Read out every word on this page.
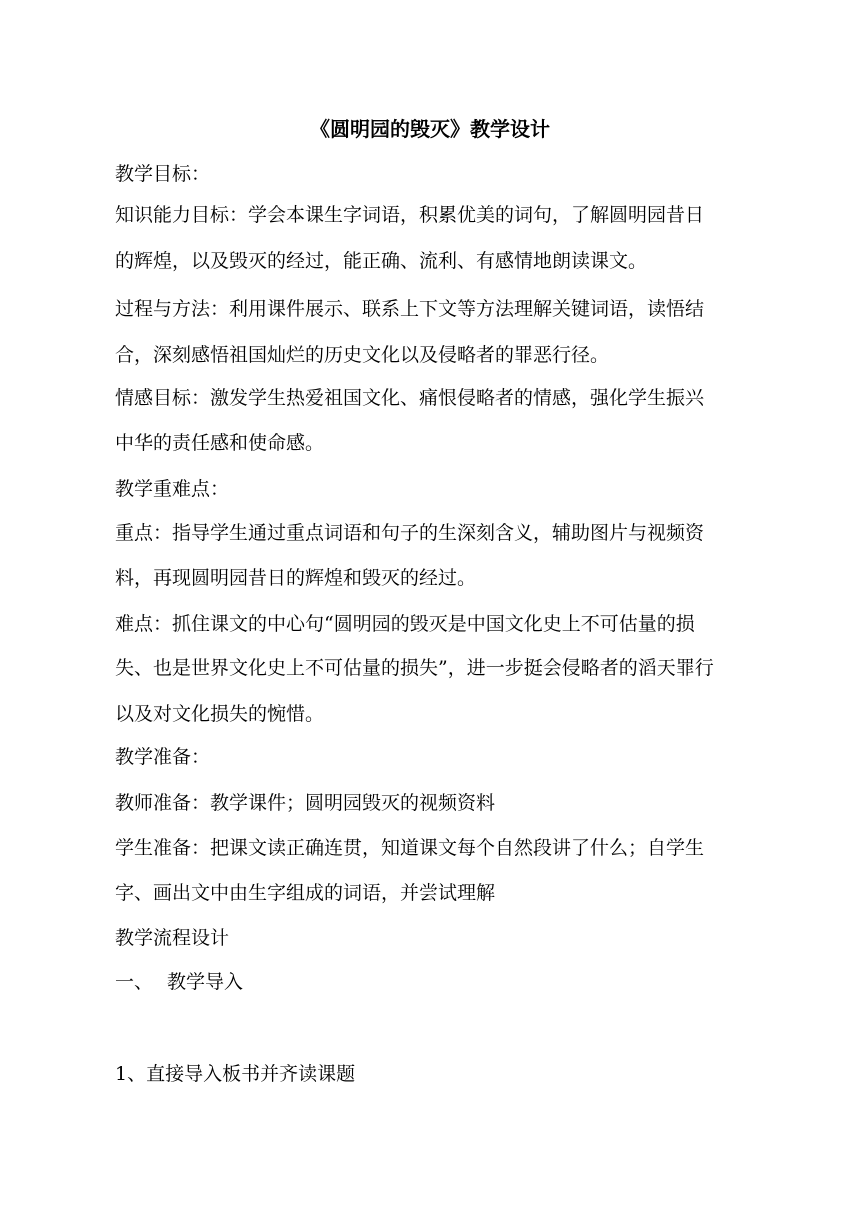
《圆明园的毁灭》教学设计
教学目标：
知识能力目标：学会本课生字词语，积累优美的词句，了解圆明园昔日
的辉煌，以及毁灭的经过，能正确、流利、有感情地朗读课文。
过程与方法：利用课件展示、联系上下文等方法理解关键词语，读悟结
合，深刻感悟祖国灿烂的历史文化以及侵略者的罪恶行径。
情感目标：激发学生热爱祖国文化、痛恨侵略者的情感，强化学生振兴
中华的责任感和使命感。
教学重难点：
重点：指导学生通过重点词语和句子的生深刻含义，辅助图片与视频资
料，再现圆明园昔日的辉煌和毁灭的经过。
难点：抓住课文的中心句“圆明园的毁灭是中国文化史上不可估量的损
失、也是世界文化史上不可估量的损失”，进一步挺会侵略者的滔天罪行
以及对文化损失的惋惜。
教学准备：
教师准备：教学课件；圆明园毁灭的视频资料
学生准备：把课文读正确连贯，知道课文每个自然段讲了什么；自学生
字、画出文中由生字组成的词语，并尝试理解
教学流程设计
一、 教学导入
1、直接导入板书并齐读课题
